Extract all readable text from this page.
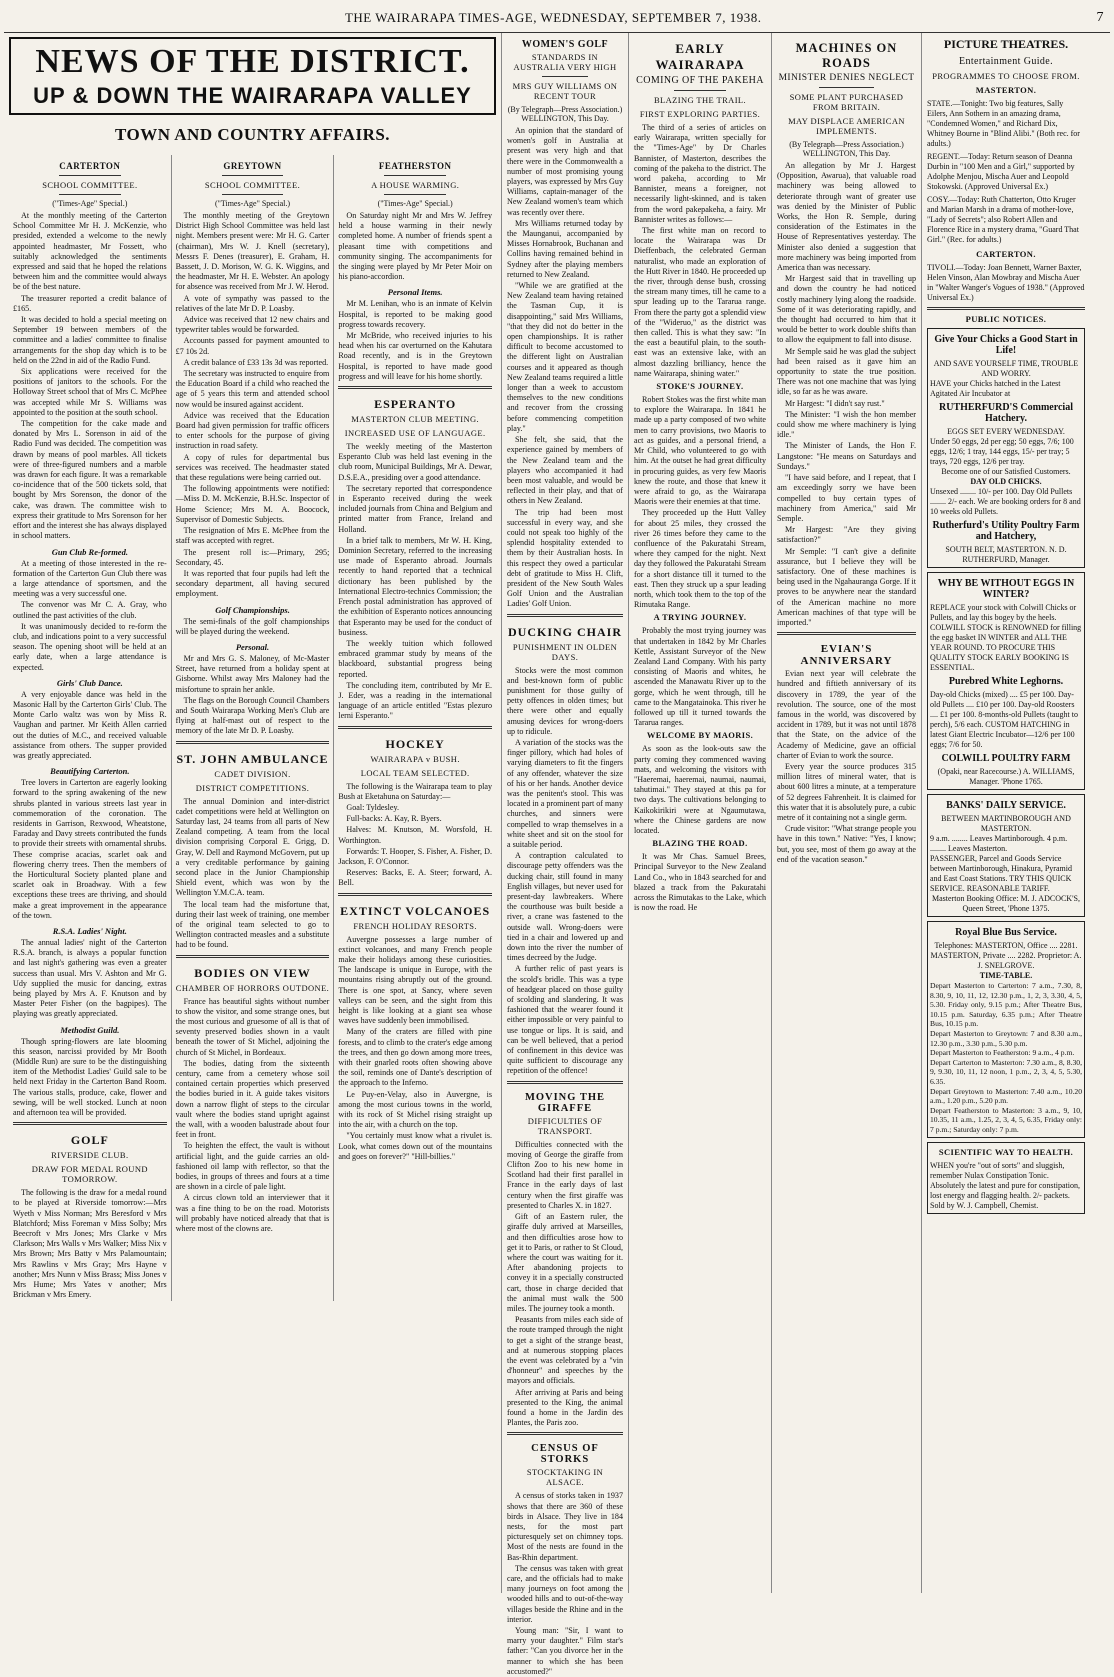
THE WAIRARAPA TIMES-AGE, WEDNESDAY, SEPTEMBER 7, 1938.	7
NEWS OF THE DISTRICT.
UP & DOWN THE WAIRARAPA VALLEY
TOWN AND COUNTRY AFFAIRS.
CARTERTON
SCHOOL COMMITTEE.
("Times-Age" Special.)

At the monthly meeting of the Carterton School Committee Mr H. J. McKenzie, who presided, extended a welcome to the newly appointed headmaster, Mr Fossett, who suitably acknowledged the sentiments expressed and said that he hoped the relations between him and the committee would always be of the best nature.

The treasurer reported a credit balance of £165.

It was decided to hold a special meeting on September 19 between members of the committee and a ladies' committee to finalise arrangements for the shop day which is to be held on the 22nd in aid of the Radio Fund.

Six applications were received for the positions of janitors to the schools. For the Holloway Street school that of Mrs C. McPhee was accepted while Mr S. Williams was appointed to the position at the south school.

The competition for the cake made and donated by Mrs L. Sorenson in aid of the Radio Fund was decided. The competition was drawn by means of pool marbles. All tickets were of three-figured numbers and a marble was drawn for each figure. It was a remarkable co-incidence that of the 500 tickets sold, that bought by Mrs Sorenson, the donor of the cake, was drawn. The committee wish to express their gratitude to Mrs Sorenson for her effort and the interest she has always displayed in school matters.

Gun Club Re-formed.

At a meeting of those interested in the re-formation of the Carterton Gun Club there was a large attendance of sportsmen, and the meeting was a very successful one.

The convenor was Mr C. A. Gray, who outlined the past activities of the club.

It was unanimously decided to re-form the club, and indications point to a very successful season. The opening shoot will be held at an early date, when a large attendance is expected.

Girls' Club Dance.

A very enjoyable dance was held in the Masonic Hall by the Carterton Girls' Club. The Monte Carlo waltz was won by Miss R. Vaughan and partner. Mr Keith Allen carried out the duties of M.C., and received valuable assistance from others. The supper provided was greatly appreciated.

Beautifying Carterton.

Tree lovers in Carterton are eagerly looking forward to the spring awakening of the new shrubs planted in various streets last year in commemoration of the coronation. The residents in Garrison, Rexwood, Wheatstone, Faraday and Davy streets contributed the funds to provide their streets with ornamental shrubs. These comprise acacias, scarlet oak and flowering cherry trees. Then the members of the Horticultural Society planted plane and scarlet oak in Broadway. With a few exceptions these trees are thriving, and should make a great improvement in the appearance of the town.

R.S.A. Ladies' Night.

The annual ladies' night of the Carterton R.S.A. branch, is always a popular function and last night's gathering was even a greater success than usual. Mrs V. Ashton and Mr G. Udy supplied the music for dancing, extras being played by Mrs A. F. Knutson and by Master Peter Fisher (on the bagpipes). The playing was greatly appreciated.

Methodist Guild.

Though spring-flowers are late blooming this season, narcissi provided by Mr Booth (Middle Run) are sure to be the distinguishing item of the Methodist Ladies' Guild sale to be held next Friday in the Carterton Band Room. The various stalls, produce, cake, flower and sewing, will be well stocked. Lunch at noon and afternoon tea will be provided.

GOLF
RIVERSIDE CLUB.
DRAW FOR MEDAL ROUND TOMORROW.

The following is the draw for a medal round to be played at Riverside tomorrow:—Mrs Wyeth v Miss Norman; Mrs Beresford v Mrs Blatchford; Miss Foreman v Miss Solby; Mrs Beecroft v Mrs Jones; Mrs Clarke v Mrs Clarkson; Mrs Walls v Mrs Walker; Miss Nix v Mrs Brown; Mrs Batty v Mrs Palamountain; Mrs Rawlins v Mrs Gray; Mrs Hayne v another; Mrs Nunn v Miss Brass; Miss Jones v Mrs Hume; Mrs Yates v another; Mrs Brickman v Mrs Emery.

GREYTOWN
SCHOOL COMMITTEE.
("Times-Age" Special.)

The monthly meeting of the Greytown District High School Committee was held last night. Members present were: Mr H. G. Carter (chairman), Mrs W. J. Knell (secretary), Messrs F. Denes (treasurer), E. Graham, H. Bassett, J. D. Morison, W. G. K. Wiggins, and the headmaster, Mr H. E. Webster. An apology for absence was received from Mr J. W. Herod.

A vote of sympathy was passed to the relatives of the late Mr D. P. Loasby.

Advice was received that 12 new chairs and typewriter tables would be forwarded.

Accounts passed for payment amounted to £7 10s 2d.

A credit balance of £33 13s 3d was reported.

The secretary was instructed to enquire from the Education Board if a child who reached the age of 5 years this term and attended school now would be insured against accident.

Advice was received that the Education Board had given permission for traffic officers to enter schools for the purpose of giving instruction in road safety.

A copy of rules for departmental bus services was received. The headmaster stated that these regulations were being carried out.

The following appointments were notified:—Miss D. M. McKenzie, B.H.Sc. Inspector of Home Science; Mrs M. A. Boocock, Supervisor of Domestic Subjects.

The resignation of Mrs E. McPhee from the staff was accepted with regret.

The present roll is:—Primary, 295; Secondary, 45.

It was reported that four pupils had left the secondary department, all having secured employment.

Golf Championships.

The semi-finals of the golf championships will be played during the weekend.

Personal.

Mr and Mrs G. S. Maloney, of Mc-Master Street, have returned from a holiday spent at Gisborne. Whilst away Mrs Maloney had the misfortune to sprain her ankle.

The flags on the Borough Council Chambers and South Wairarapa Working Men's Club are flying at half-mast out of respect to the memory of the late Mr D. P. Loasby.

ST. JOHN AMBULANCE
CADET DIVISION.
DISTRICT COMPETITIONS.

The annual Dominion and inter-district cadet competitions were held at Wellington on Saturday last, 24 teams from all parts of New Zealand competing. A team from the local division comprising Corporal E. Grigg, D. Gray, W. Dell and Raymond McGovern, put up a very creditable performance by gaining second place in the Junior Championship Shield event, which was won by the Wellington Y.M.C.A. team.

The local team had the misfortune that, during their last week of training, one member of the original team selected to go to Wellington contracted measles and a substitute had to be found.

BODIES ON VIEW
CHAMBER OF HORRORS OUTDONE.

France has beautiful sights without number to show the visitor, and some strange ones, but the most curious and gruesome of all is that of seventy preserved bodies shown in a vault beneath the tower of St Michel, adjoining the church of St Michel, in Bordeaux.

The bodies, dating from the sixteenth century, came from a cemetery whose soil contained certain properties which preserved the bodies buried in it. A guide takes visitors down a narrow flight of steps to the circular vault where the bodies stand upright against the wall, with a wooden balustrade about four feet in front.

To heighten the effect, the vault is without artificial light, and the guide carries an old-fashioned oil lamp with reflector, so that the bodies, in groups of threes and fours at a time are shown in a circle of pale light.

A circus clown told an interviewer that it was a fine thing to be on the road. Motorists will probably have noticed already that that is where most of the clowns are.

FEATHERSTON
A HOUSE WARMING.
("Times-Age" Special.)

On Saturday night Mr and Mrs W. Jeffrey held a house warming in their newly completed home. A number of friends spent a pleasant time with competitions and community singing. The accompaniments for the singing were played by Mr Peter Moir on his piano-accordion.

Personal Items.

Mr M. Lenihan, who is an inmate of Kelvin Hospital, is reported to be making good progress towards recovery.

Mr McBride, who received injuries to his head when his car overturned on the Kahutara Road recently, and is in the Greytown Hospital, is reported to have made good progress and will leave for his home shortly.

ESPERANTO
MASTERTON CLUB MEETING.
INCREASED USE OF LANGUAGE.

The weekly meeting of the Masterton Esperanto Club was held last evening in the club room, Municipal Buildings, Mr A. Dewar, D.S.E.A., presiding over a good attendance.

The secretary reported that correspondence in Esperanto received during the week included journals from China and Belgium and printed matter from France, Ireland and Holland.

In a brief talk to members, Mr W. H. King, Dominion Secretary, referred to the increasing use made of Esperanto abroad. Journals recently to hand reported that a technical dictionary has been published by the International Electro-technics Commission; the French postal administration has approved of the exhibition of Esperanto notices announcing that Esperanto may be used for the conduct of business.

The weekly tuition which followed embraced grammar study by means of the blackboard, substantial progress being reported.

The concluding item, contributed by Mr E. J. Eder, was a reading in the international language of an article entitled "Estas plezuro lerni Esperanto."

HOCKEY
WAIRARAPA v BUSH.
LOCAL TEAM SELECTED.

The following is the Wairarapa team to play Bush at Eketahuna on Saturday:—

Goal: Tyldesley.

Full-backs: A. Kay, R. Byers.

Halves: M. Knutson, M. Worsfold, H. Worthington.

Forwards: T. Hooper, S. Fisher, A. Fisher, D. Jackson, F. O'Connor.

Reserves: Backs, E. A. Steer; forward, A. Bell.

EXTINCT VOLCANOES
FRENCH HOLIDAY RESORTS.

Auvergne possesses a large number of extinct volcanoes, and many French people make their holidays among these curiosities. The landscape is unique in Europe, with the mountains rising abruptly out of the ground. There is one spot, at Sancy, where seven valleys can be seen, and the sight from this height is like looking at a giant sea whose waves have suddenly been immobilised.

Many of the craters are filled with pine forests, and to climb to the crater's edge among the trees, and then go down among more trees, with their gnarled roots often showing above the soil, reminds one of Dante's description of the approach to the Inferno.

Le Puy-en-Velay, also in Auvergne, is among the most curious towns in the world, with its rock of St Michel rising straight up into the air, with a church on the top.

"You certainly must know what a rivulet is. Look, what comes down out of the mountains and goes on forever?" "Hill-billies."

WOMEN'S GOLF
STANDARDS IN AUSTRALIA VERY HIGH
MRS GUY WILLIAMS ON RECENT TOUR
(By Telegraph—Press Association.) WELLINGTON, This Day.

An opinion that the standard of women's golf in Australia at present was very high and that there were in the Commonwealth a number of most promising young players, was expressed by Mrs Guy Williams, captain-manager of the New Zealand women's team which was recently over there.

Mrs Williams returned today by the Maunganui, accompanied by Misses Hornabrook, Buchanan and Collins having remained behind in Sydney after the playing members returned to New Zealand.

"While we are gratified at the New Zealand team having retained the Tasman Cup, it is disappointing," said Mrs Williams, "that they did not do better in the open championships. It is rather difficult to become accustomed to the different light on Australian courses and it appeared as though New Zealand teams required a little longer than a week to accustom themselves to the new conditions and recover from the crossing before commencing competition play."

She felt, she said, that the experience gained by members of the New Zealand team and the players who accompanied it had been most valuable, and would be reflected in their play, and that of others in New Zealand.

The trip had been most successful in every way, and she could not speak too highly of the splendid hospitality extended to them by their Australian hosts. In this respect they owed a particular debt of gratitude to Miss H. Clift, president of the New South Wales Golf Union and the Australian Ladies' Golf Union.

DUCKING CHAIR
PUNISHMENT IN OLDEN DAYS.

Stocks were the most common and best-known form of public punishment for those guilty of petty offences in olden times; but there were other and equally amusing devices for wrong-doers up to ridicule.

A variation of the stocks was the finger pillory, which had holes of varying diameters to fit the fingers of any offender, whatever the size of his or her hands. Another device was the penitent's stool. This was located in a prominent part of many churches, and sinners were compelled to wrap themselves in a white sheet and sit on the stool for a suitable period.

A contraption calculated to discourage petty offenders was the ducking chair, still found in many English villages, but never used for present-day lawbreakers. Where the courthouse was built beside a river, a crane was fastened to the outside wall. Wrong-doers were tied in a chair and lowered up and down into the river the number of times decreed by the Judge.

A further relic of past years is the scold's bridle. This was a type of headgear placed on those guilty of scolding and slandering. It was fashioned that the wearer found it either impossible or very painful to use tongue or lips. It is said, and can be well believed, that a period of confinement in this device was quite sufficient to discourage any repetition of the offence!

MOVING THE GIRAFFE
DIFFICULTIES OF TRANSPORT.

Difficulties connected with the moving of George the giraffe from Clifton Zoo to his new home in Scotland had their first parallel in France in the early days of last century when the first giraffe was presented to Charles X. in 1827.

Gift of an Eastern ruler, the giraffe duly arrived at Marseilles, and then difficulties arose how to get it to Paris, or rather to St Cloud, where the court was waiting for it. After abandoning projects to convey it in a specially constructed cart, those in charge decided that the animal must walk the 500 miles. The journey took a month.

Peasants from miles each side of the route tramped through the night to get a sight of the strange beast, and at numerous stopping places the event was celebrated by a "vin d'honneur" and speeches by the mayors and officials.

After arriving at Paris and being presented to the King, the animal found a home in the Jardin des Plantes, the Paris zoo.

CENSUS OF STORKS
STOCKTAKING IN ALSACE.

A census of storks taken in 1937 shows that there are 360 of these birds in Alsace. They live in 184 nests, for the most part picturesquely set on chimney tops. Most of the nests are found in the Bas-Rhin department.

The census was taken with great care, and the officials had to make many journeys on foot among the wooded hills and to out-of-the-way villages beside the Rhine and in the interior.

Young man: "Sir, I want to marry your daughter." Film star's father: "Can you divorce her in the manner to which she has been accustomed?"

EARLY WAIRARAPA
COMING OF THE PAKEHA
BLAZING THE TRAIL.
FIRST EXPLORING PARTIES.

The third of a series of articles on early Wairarapa, written specially for the "Times-Age" by Dr Charles Bannister, of Masterton, describes the coming of the pakeha to the district. The word pakeha, according to Mr Bannister, means a foreigner, not necessarily light-skinned, and is taken from the word pakepakeha, a fairy. Mr Bannister writes as follows:—

The first white man on record to locate the Wairarapa was Dr Dieffenbach, the celebrated German naturalist, who made an exploration of the Hutt River in 1840. He proceeded up the river, through dense bush, crossing the stream many times, till he came to a spur leading up to the Tararua range. From there the party got a splendid view of the "Wideruo," as the district was then called. This is what they saw: "In the east a beautiful plain, to the south-east was an extensive lake, with an almost dazzling brilliancy, hence the name Wairarapa, shining water."

STOKE'S JOURNEY.

Robert Stokes was the first white man to explore the Wairarapa. In 1841 he made up a party composed of two white men to carry provisions, two Maoris to act as guides, and a personal friend, a Mr Child, who volunteered to go with him. At the outset he had great difficulty in procuring guides, as very few Maoris knew the route, and those that knew it were afraid to go, as the Wairarapa Maoris were their enemies at that time.

They proceeded up the Hutt Valley for about 25 miles, they crossed the river 26 times before they came to the confluence of the Pakuratahi Stream, where they camped for the night. Next day they followed the Pakuratahi Stream for a short distance till it turned to the east. Then they struck up a spur leading north, which took them to the top of the Rimutaka Range.

A TRYING JOURNEY.

Probably the most trying journey was that undertaken in 1842 by Mr Charles Kettle, Assistant Surveyor of the New Zealand Land Company. With his party consisting of Maoris and whites, he ascended the Manawatu River up to the gorge, which he went through, till he came to the Mangatainoka. This river he followed up till it turned towards the Tararua ranges.

WELCOME BY MAORIS.

As soon as the look-outs saw the party coming they commenced waving mats, and welcoming the visitors with "Haeremai, haeremai, naumai, naumai, tahutimai." They stayed at this pa for two days. The cultivations belonging to Kaikokirikiri were at Ngaumutawa, where the Chinese gardens are now located.

BLAZING THE ROAD.

It was Mr Chas. Samuel Brees, Principal Surveyor to the New Zealand Land Co., who in 1843 searched for and blazed a track from the Pakuratahi across the Rimutakas to the Lake, which is now the road. He

MACHINES ON ROADS
MINISTER DENIES NEGLECT
SOME PLANT PURCHASED FROM BRITAIN.
MAY DISPLACE AMERICAN IMPLEMENTS.
(By Telegraph—Press Association.) WELLINGTON, This Day.

An allegation by Mr J. Hargest (Opposition, Awarua), that valuable road machinery was being allowed to deteriorate through want of greater use was denied by the Minister of Public Works, the Hon R. Semple, during consideration of the Estimates in the House of Representatives yesterday. The Minister also denied a suggestion that more machinery was being imported from America than was necessary.

Mr Hargest said that in travelling up and down the country he had noticed costly machinery lying along the roadside. Some of it was deteriorating rapidly, and the thought had occurred to him that it would be better to work double shifts than to allow the equipment to fall into disuse.

Mr Semple said he was glad the subject had been raised as it gave him an opportunity to state the true position. There was not one machine that was lying idle, so far as he was aware.

Mr Hargest: "I didn't say rust."

The Minister: "I wish the hon member could show me where machinery is lying idle."

The Minister of Lands, the Hon F. Langstone: "He means on Saturdays and Sundays."

"I have said before, and I repeat, that I am exceedingly sorry we have been compelled to buy certain types of machinery from America," said Mr Semple.

Mr Hargest: "Are they giving satisfaction?"

Mr Semple: "I can't give a definite assurance, but I believe they will be satisfactory. One of these machines is being used in the Ngahauranga Gorge. If it proves to be anywhere near the standard of the American machine no more American machines of that type will be imported."

EVIAN'S ANNIVERSARY

Evian next year will celebrate the hundred and fiftieth anniversary of its discovery in 1789, the year of the revolution. The source, one of the most famous in the world, was discovered by accident in 1789, but it was not until 1878 that the State, on the advice of the Academy of Medicine, gave an official charter of Evian to work the source.

Every year the source produces 315 million litres of mineral water, that is about 600 litres a minute, at a temperature of 52 degrees Fahrenheit. It is claimed for this water that it is absolutely pure, a cubic metre of it containing not a single germ.

Crude visitor: "What strange people you have in this town." Native: "Yes, I know; but, you see, most of them go away at the end of the vacation season."

PICTURE THEATRES.
Entertainment Guide.
PROGRAMMES TO CHOOSE FROM.
MASTERTON.

STATE.—Tonight: Two big features, Sally Eilers, Ann Sothern in an amazing drama, "Condemned Women," and Richard Dix, Whitney Bourne in "Blind Alibi." (Both rec. for adults.)

REGENT.—Today: Return season of Deanna Durbin in "100 Men and a Girl," supported by Adolphe Menjou, Mischa Auer and Leopold Stokowski. (Approved Universal Ex.)

COSY.—Today: Ruth Chatterton, Otto Kruger and Marian Marsh in a drama of mother-love, "Lady of Secrets"; also Robert Allen and Florence Rice in a mystery drama, "Guard That Girl." (Rec. for adults.)

CARTERTON.

TIVOLI.—Today: Joan Bennett, Warner Baxter, Helen Vinson, Alan Mowbray and Mischa Auer in "Walter Wanger's Vogues of 1938." (Approved Universal Ex.)

PUBLIC NOTICES.
Give Your Chicks a Good Start in Life!

AND SAVE YOURSELF TIME, TROUBLE AND WORRY.

HAVE your Chicks hatched in the Latest Agitated Air Incubator at

RUTHERFURD'S Commercial Hatchery.

EGGS SET EVERY WEDNESDAY.

Under 50 eggs, 2d per egg; 50 eggs, 7/6; 100 eggs, 12/6; 1 tray, 144 eggs, 15/- per tray; 5 trays, 720 eggs, 12/6 per tray.

Become one of our Satisfied Customers.

DAY OLD CHICKS.

Unsexed ........ 10/- per 100. Day Old Pullets ........ 2/- each. We are booking orders for 8 and 10 weeks old Pullets.

Rutherfurd's Utility Poultry Farm and Hatchery,

SOUTH BELT, MASTERTON. N. D. RUTHERFURD, Manager.

WHY BE WITHOUT EGGS IN WINTER?

REPLACE your stock with Colwill Chicks or Pullets, and lay this bogey by the heels. COLWILL STOCK is RENOWNED for filling the egg basket IN WINTER and ALL THE YEAR ROUND. TO PROCURE THIS QUALITY STOCK EARLY BOOKING IS ESSENTIAL.

Purebred White Leghorns.

Day-old Chicks (mixed) .... £5 per 100. Day-old Pullets .... £10 per 100. Day-old Roosters .... £1 per 100. 8-months-old Pullets (taught to perch), 5/6 each. CUSTOM HATCHING in latest Giant Electric Incubator—12/6 per 100 eggs; 7/6 for 50.

COLWILL POULTRY FARM

(Opaki, near Racecourse.) A. WILLIAMS, Manager. 'Phone 1765.

BANKS' DAILY SERVICE.

BETWEEN MARTINBOROUGH AND MASTERTON.

9 a.m. ........ Leaves Martinborough. 4 p.m. ........ Leaves Masterton.

PASSENGER, Parcel and Goods Service between Martinborough, Hinakura, Pyramid and East Coast Stations. TRY THIS QUICK SERVICE. REASONABLE TARIFF.

Masterton Booking Office: M. J. ADCOCK'S, Queen Street, 'Phone 1375.

Royal Blue Bus Service.

Telephones: MASTERTON, Office .... 2281. MASTERTON, Private .... 2282. Proprietor: A. J. SNELGROVE.

TIME-TABLE.

Depart Masterton to Carterton: 7 a.m., 7.30, 8, 8.30, 9, 10, 11, 12, 12.30 p.m., 1, 2, 3, 3.30, 4, 5, 5.30. Friday only, 9.15 p.m.; After Theatre Bus, 10.15 p.m. Saturday, 6.35 p.m.; After Theatre Bus, 10.15 p.m.

Depart Masterton to Greytown: 7 and 8.30 a.m., 12.30 p.m., 3.30 p.m., 5.30 p.m.

Depart Masterton to Featherston: 9 a.m., 4 p.m.

Depart Carterton to Masterton: 7.30 a.m., 8, 8.30, 9, 9.30, 10, 11, 12 noon, 1 p.m., 2, 3, 4, 5, 5.30, 6.35.

Depart Greytown to Masterton: 7.40 a.m., 10.20 a.m., 1.20 p.m., 5.20 p.m.

Depart Featherston to Masterton: 3 a.m., 9, 10, 10.35, 11 a.m., 1.25, 2, 3, 4, 5, 6.35, Friday only: 7 p.m.; Saturday only: 7 p.m.

SCIENTIFIC WAY TO HEALTH.

WHEN you're "out of sorts" and sluggish, remember Nulax Constipation Tonic. Absolutely the latest and pure for constipation, lost energy and flagging health. 2/- packets. Sold by W. J. Campbell, Chemist.
